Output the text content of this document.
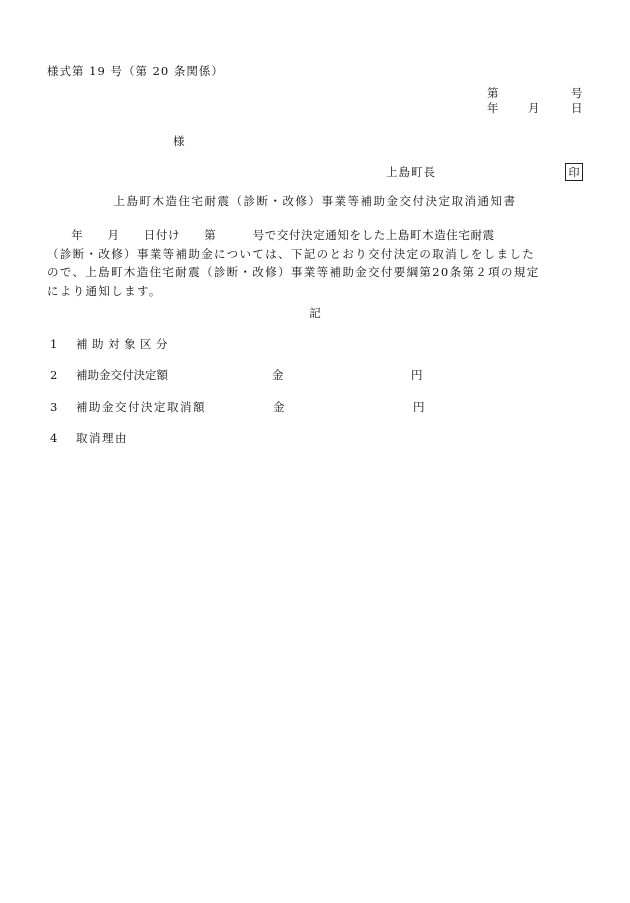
様式第 19 号（第 20 条関係）
第	号
年	月	日
様
上島町長	印
上島町木造住宅耐震（診断・改修）事業等補助金交付決定取消通知書
　　年　　月　　日付け　　第　　　号で交付決定通知をした上島町木造住宅耐震
（診断・改修）事業等補助金については、下記のとおり交付決定の取消しをしました
ので、上島町木造住宅耐震（診断・改修）事業等補助金交付要綱第20条第２項の規定
により通知します。
記
1 補助対象区分
2 補助金交付決定額	金	円
3 補助金交付決定取消額	金	円
4 取消理由
